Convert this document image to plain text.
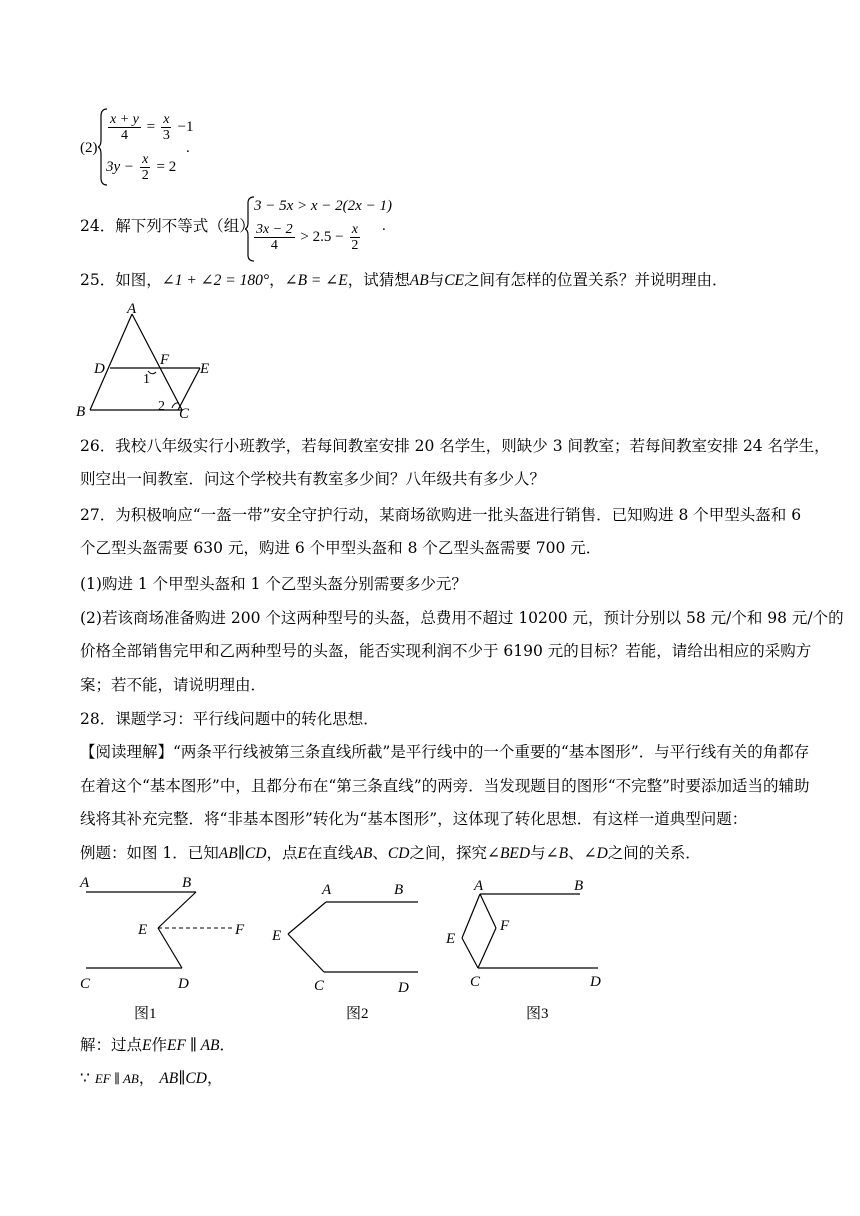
(2)
$\frac{x + y}{4} = \frac{x}{3} -1$
$3y - \frac{x}{2} = 2$
.
24．解下列不等式（组）
3 − 5x > x − 2(2x − 1)
$\frac{3x - 2}{4} > 2.5 - \frac{x}{2}$ .
25．如图，∠1 + ∠2 = 180°，∠B = ∠E，试猜想AB与CE之间有怎样的位置关系？并说明理由．
A
D
F
E
B	C
1
2
26．我校八年级实行小班教学，若每间教室安排 20 名学生，则缺少 3 间教室；若每间教室安排 24 名学生，
则空出一间教室．问这个学校共有教室多少间？八年级共有多少人？
27．为积极响应“一盔一带”安全守护行动，某商场欲购进一批头盔进行销售．已知购进 8 个甲型头盔和 6
个乙型头盔需要 630 元，购进 6 个甲型头盔和 8 个乙型头盔需要 700 元．
(1)购进 1 个甲型头盔和 1 个乙型头盔分别需要多少元？
(2)若该商场准备购进 200 个这两种型号的头盔，总费用不超过 10200 元，预计分别以 58 元/个和 98 元/个的
价格全部销售完甲和乙两种型号的头盔，能否实现利润不少于 6190 元的目标？若能，请给出相应的采购方
案；若不能，请说明理由．
28．课题学习：平行线问题中的转化思想．
【阅读理解】“两条平行线被第三条直线所截”是平行线中的一个重要的“基本图形”．与平行线有关的角都存
在着这个“基本图形”中，且都分布在“第三条直线”的两旁．当发现题目的图形“不完整”时要添加适当的辅助
线将其补充完整．将“非基本图形”转化为“基本图形”，这体现了转化思想．有这样一道典型问题：
例题：如图 1．已知AB∥CD，点E在直线AB、CD之间，探究∠BED与∠B、∠D之间的关系．
A	B
E	F
C	D
图1
A	B
E
C	D
图2
A	B
E
F
C	D
图3
解：过点E作EF ∥ AB．
∵ EF ∥ AB， AB∥CD，
